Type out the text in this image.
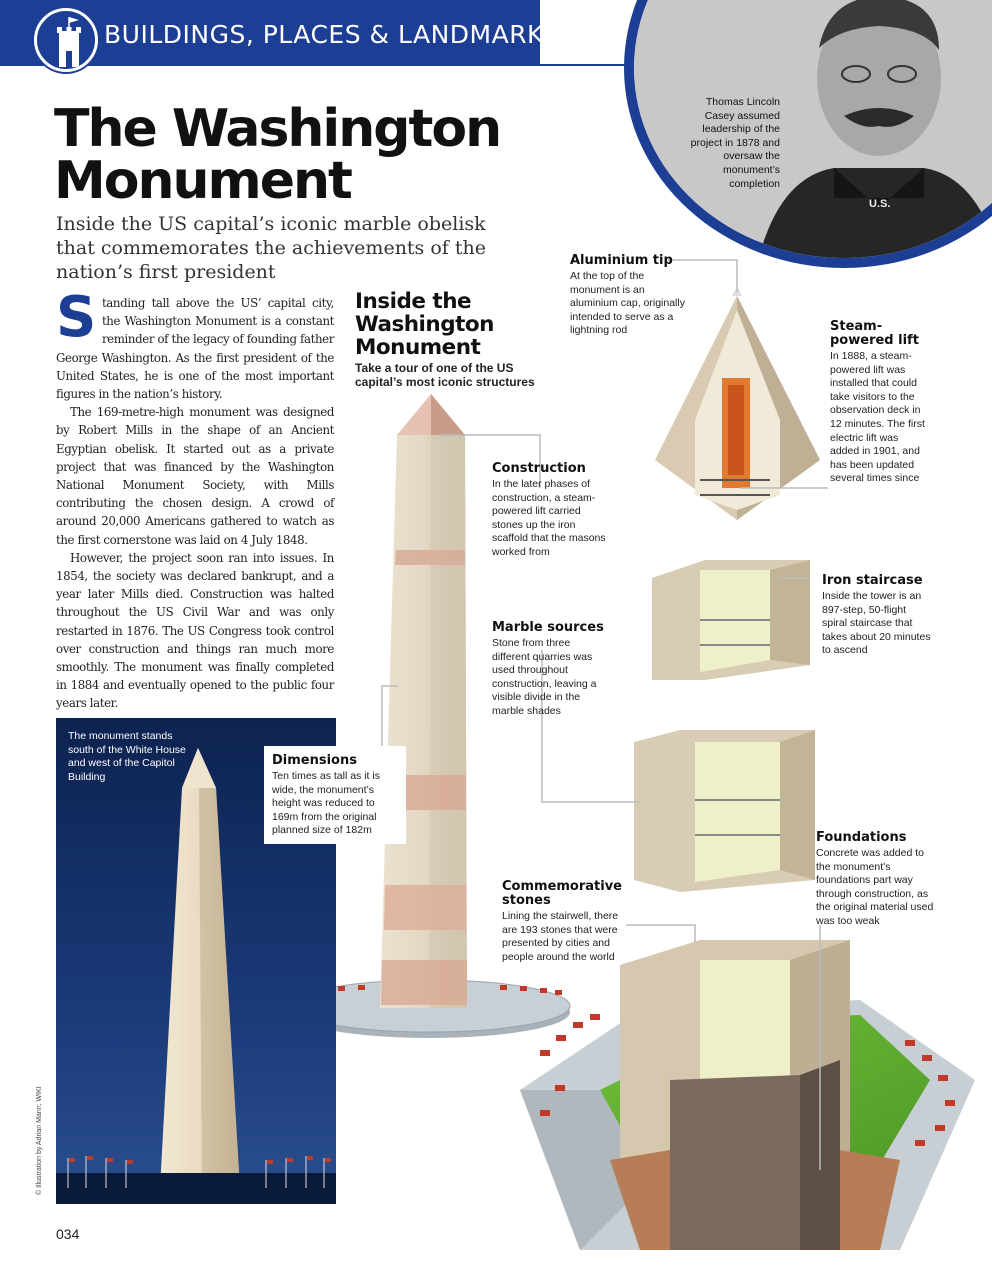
BUILDINGS, PLACES & LANDMARKS
U.S.
Thomas Lincoln Casey assumed leadership of the project in 1878 and oversaw the monument’s completion
The Washington Monument
Inside the US capital’s iconic marble obelisk that commemorates the achievements of the nation’s first president

Standing tall above the US’ capital city, the Washington Monument is a constant reminder of the legacy of founding father George Washington. As the first president of the United States, he is one of the most important figures in the nation’s history.

The 169-metre-high monument was designed by Robert Mills in the shape of an Ancient Egyptian obelisk. It started out as a private project that was financed by the Washington National Monument Society, with Mills contributing the chosen design. A crowd of around 20,000 Americans gathered to watch as the first cornerstone was laid on 4 July 1848.

However, the project soon ran into issues. In 1854, the society was declared bankrupt, and a year later Mills died. Construction was halted throughout the US Civil War and was only restarted in 1876. The US Congress took control over construction and things ran much more smoothly. The monument was finally completed in 1884 and eventually opened to the public four years later.

The monument stands south of the White House and west of the Capitol Building
© Illustration by Adrian Mann; WIKI
034
Inside the Washington Monument
Take a tour of one of the US capital’s most iconic structures
Aluminium tip
At the top of the monument is an aluminium cap, originally intended to serve as a lightning rod	Steam-powered lift
In 1888, a steam-powered lift was installed that could take visitors to the observation deck in 12 minutes. The first electric lift was added in 1901, and has been updated several times since
Construction
In the later phases of construction, a steam-powered lift carried stones up the iron scaffold that the masons worked from
Iron staircase
Inside the tower is an 897-step, 50-flight spiral staircase that takes about 20 minutes to ascend
Marble sources
Stone from three different quarries was used throughout construction, leaving a visible divide in the marble shades
Dimensions
Ten times as tall as it is wide, the monument’s height was reduced to 169m from the original planned size of 182m	Foundations
Concrete was added to the monument’s foundations part way through construction, as the original material used was too weak
Commemorative stones
Lining the stairwell, there are 193 stones that were presented by cities and people around the world
